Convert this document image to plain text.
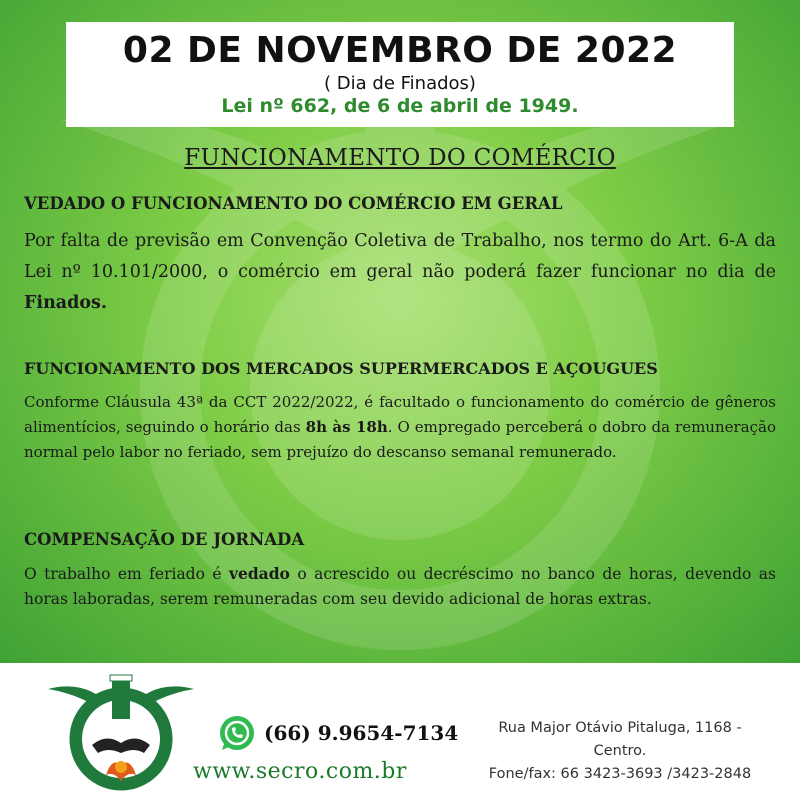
02 DE NOVEMBRO DE 2022
( Dia de Finados)
Lei nº 662, de 6 de abril de 1949.
FUNCIONAMENTO DO COMÉRCIO
VEDADO O FUNCIONAMENTO DO COMÉRCIO EM GERAL
Por falta de previsão em Convenção Coletiva de Trabalho, nos termo do Art. 6-A da Lei nº 10.101/2000, o comércio em geral não poderá fazer funcionar no dia de Finados.
FUNCIONAMENTO DOS MERCADOS SUPERMERCADOS E AÇOUGUES
Conforme Cláusula 43ª da CCT 2022/2022, é facultado o funcionamento do comércio de gêneros alimentícios, seguindo o horário das 8h às 18h. O empregado perceberá o dobro da remuneração normal pelo labor no feriado, sem prejuízo do descanso semanal remunerado.
COMPENSAÇÃO DE JORNADA
O trabalho em feriado é vedado o acrescido ou decréscimo no banco de horas, devendo as horas laboradas, serem remuneradas com seu devido adicional de horas extras.
(66) 9.9654-7134
www.secro.com.br
Rua Major Otávio Pitaluga, 1168 -
Centro.
Fone/fax: 66 3423-3693 /3423-2848
